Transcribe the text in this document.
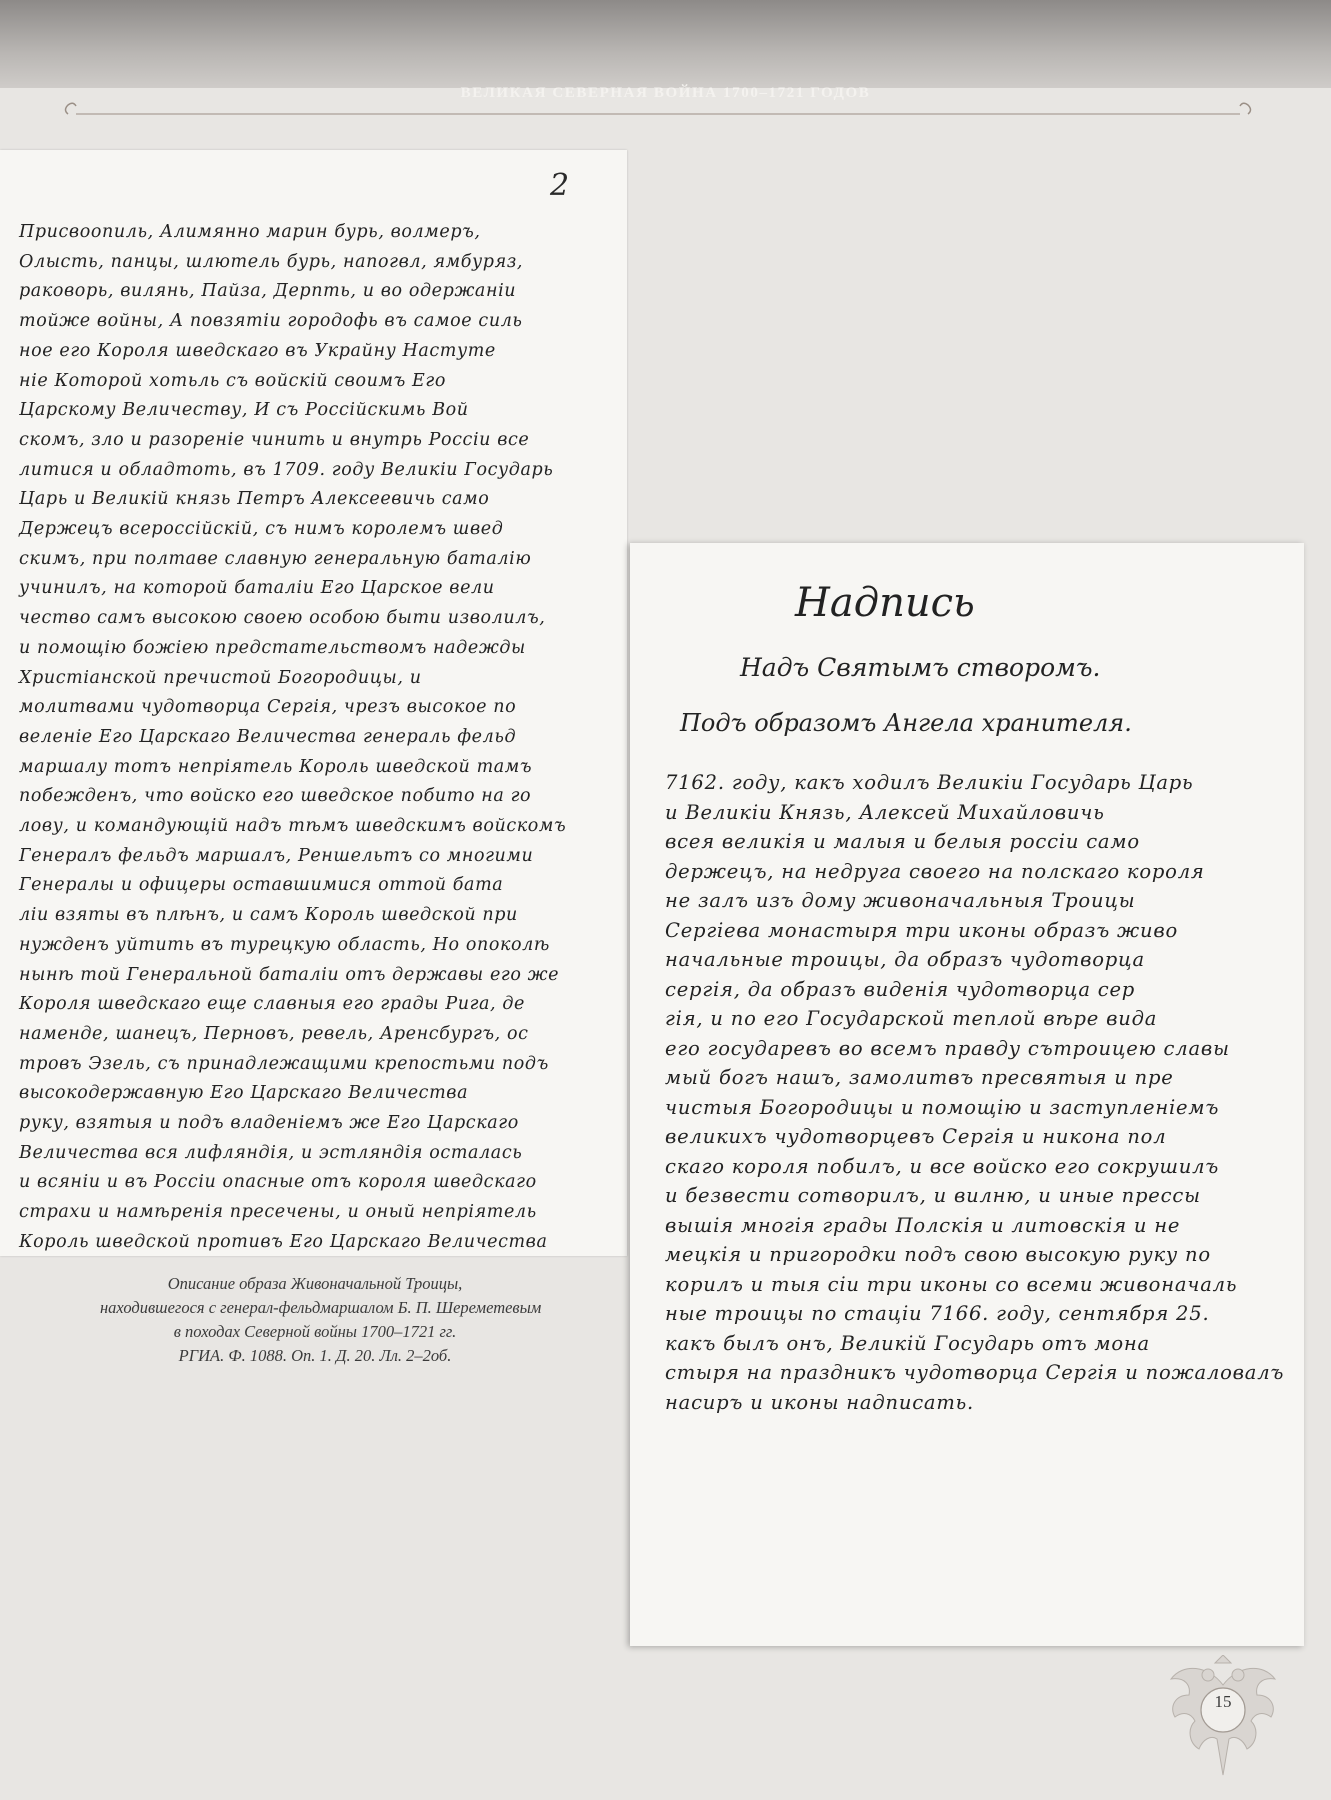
ВЕЛИКАЯ СЕВЕРНАЯ ВОЙНА 1700–1721 ГОДОВ
2
Присвоопиль, Алимянно марин бурь, волмеръ,
Олысть, панцы, шлютель бурь, напогвл, ямбуряз,
раковорь, вилянь, Пайза, Дерпть, и во одержаніи
тойже войны, А повзятіи городофь въ самое силь
ное его Короля шведскаго въ Украйну Настуте
ніе Которой хотьль съ войскій своимъ Его
Царскому Величеству, И съ Россійскимь Вой
скомъ, зло и разореніе чинить и внутрь Россіи все
литися и обладтоть, въ 1709. году Великіи Государь
Царь и Великій князь Петръ Алексеевичь само
Держецъ всероссійскій, съ нимъ королемъ швед
скимъ, при полтаве славную генеральную баталію
учинилъ, на которой баталіи Его Царское вели
чество самъ высокою своею особою быти изволилъ,
и помощію божіею предстательствомъ надежды
Христіанской пречистой Богородицы, и
молитвами чудотворца Сергія, чрезъ высокое по
веленіе Его Царскаго Величества генераль фельд
маршалу тотъ непріятель Король шведской тамъ
побежденъ, что войско его шведское побито на го
лову, и командующій надъ тѣмъ шведскимъ войскомъ
Генералъ фельдъ маршалъ, Реншельтъ со многими
Генералы и офицеры оставшимися оттой бата
ліи взяты въ плѣнъ, и самъ Король шведской при
нужденъ уйтить въ турецкую область, Но опоколѣ
нынѣ той Генеральной баталіи отъ державы его же
Короля шведскаго еще славныя его грады Рига, де
наменде, шанецъ, Перновъ, ревель, Аренсбургъ, ос
тровъ Эзель, съ принадлежащими крепостьми подъ
высокодержавную Его Царскаго Величества
руку, взятыя и подъ владеніемъ же Его Царскаго
Величества вся лифляндія, и эстляндія осталась
и всяніи и въ Россіи опасные отъ короля шведскаго
страхи и намѣренія пресечены, и оный непріятель
Король шведской противъ Его Царскаго Величества
Надпись
Надъ Святымъ створомъ.
Подъ образомъ Ангела хранителя.
7162. году, какъ ходилъ Великіи Государь Царь
и Великіи Князь, Алексей Михайловичь
всея великія и малыя и белыя россіи само
держецъ, на недруга своего на полскаго короля
не залъ изъ дому живоначальныя Троицы
Сергіева монастыря три иконы образъ живо
начальные троицы, да образъ чудотворца
сергія, да образъ виденія чудотворца сер
гія, и по его Государской теплой вѣре вида
его государевъ во всемъ правду сътроицею славы
мый богъ нашъ, замолитвъ пресвятыя и пре
чистыя Богородицы и помощію и заступленіемъ
великихъ чудотворцевъ Сергія и никона пол
скаго короля побилъ, и все войско его сокрушилъ
и безвести сотворилъ, и вилню, и иные прессы
вышія многія грады Полскія и литовскія и не
мецкія и пригородки подъ свою высокую руку по
корилъ и тыя сіи три иконы со всеми живоначаль
ные троицы по стаціи 7166. году, сентября 25.
какъ былъ онъ, Великій Государь отъ мона
стыря на праздникъ чудотворца Сергія и пожаловалъ
насиръ и иконы надписать.
Описание образа Живоначальной Троицы,
находившегося с генерал-фельдмаршалом Б. П. Шереметевым
в походах Северной войны 1700–1721 гг.
РГИА. Ф. 1088. Оп. 1. Д. 20. Лл. 2–2об.
15
